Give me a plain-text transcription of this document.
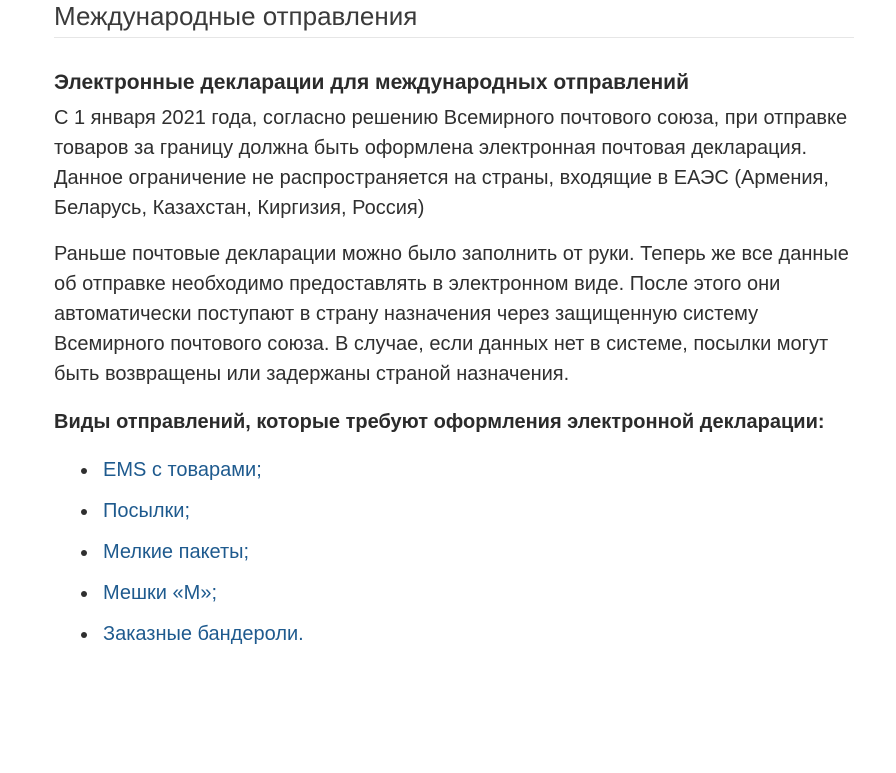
Международные отправления
Электронные декларации для международных отправлений

С 1 января 2021 года, согласно решению Всемирного почтового союза, при отправке товаров за границу должна быть оформлена электронная почтовая декларация. Данное ограничение не распространяется на страны, входящие в ЕАЭС (Армения, Беларусь, Казахстан, Киргизия, Россия)

Раньше почтовые декларации можно было заполнить от руки. Теперь же все данные об отправке необходимо предоставлять в электронном виде. После этого они автоматически поступают в страну назначения через защищенную систему Всемирного почтового союза. В случае, если данных нет в системе, посылки могут быть возвращены или задержаны страной назначения.

Виды отправлений, которые требуют оформления электронной декларации:
EMS с товарами;
Посылки;
Мелкие пакеты;
Мешки «М»;
Заказные бандероли.
